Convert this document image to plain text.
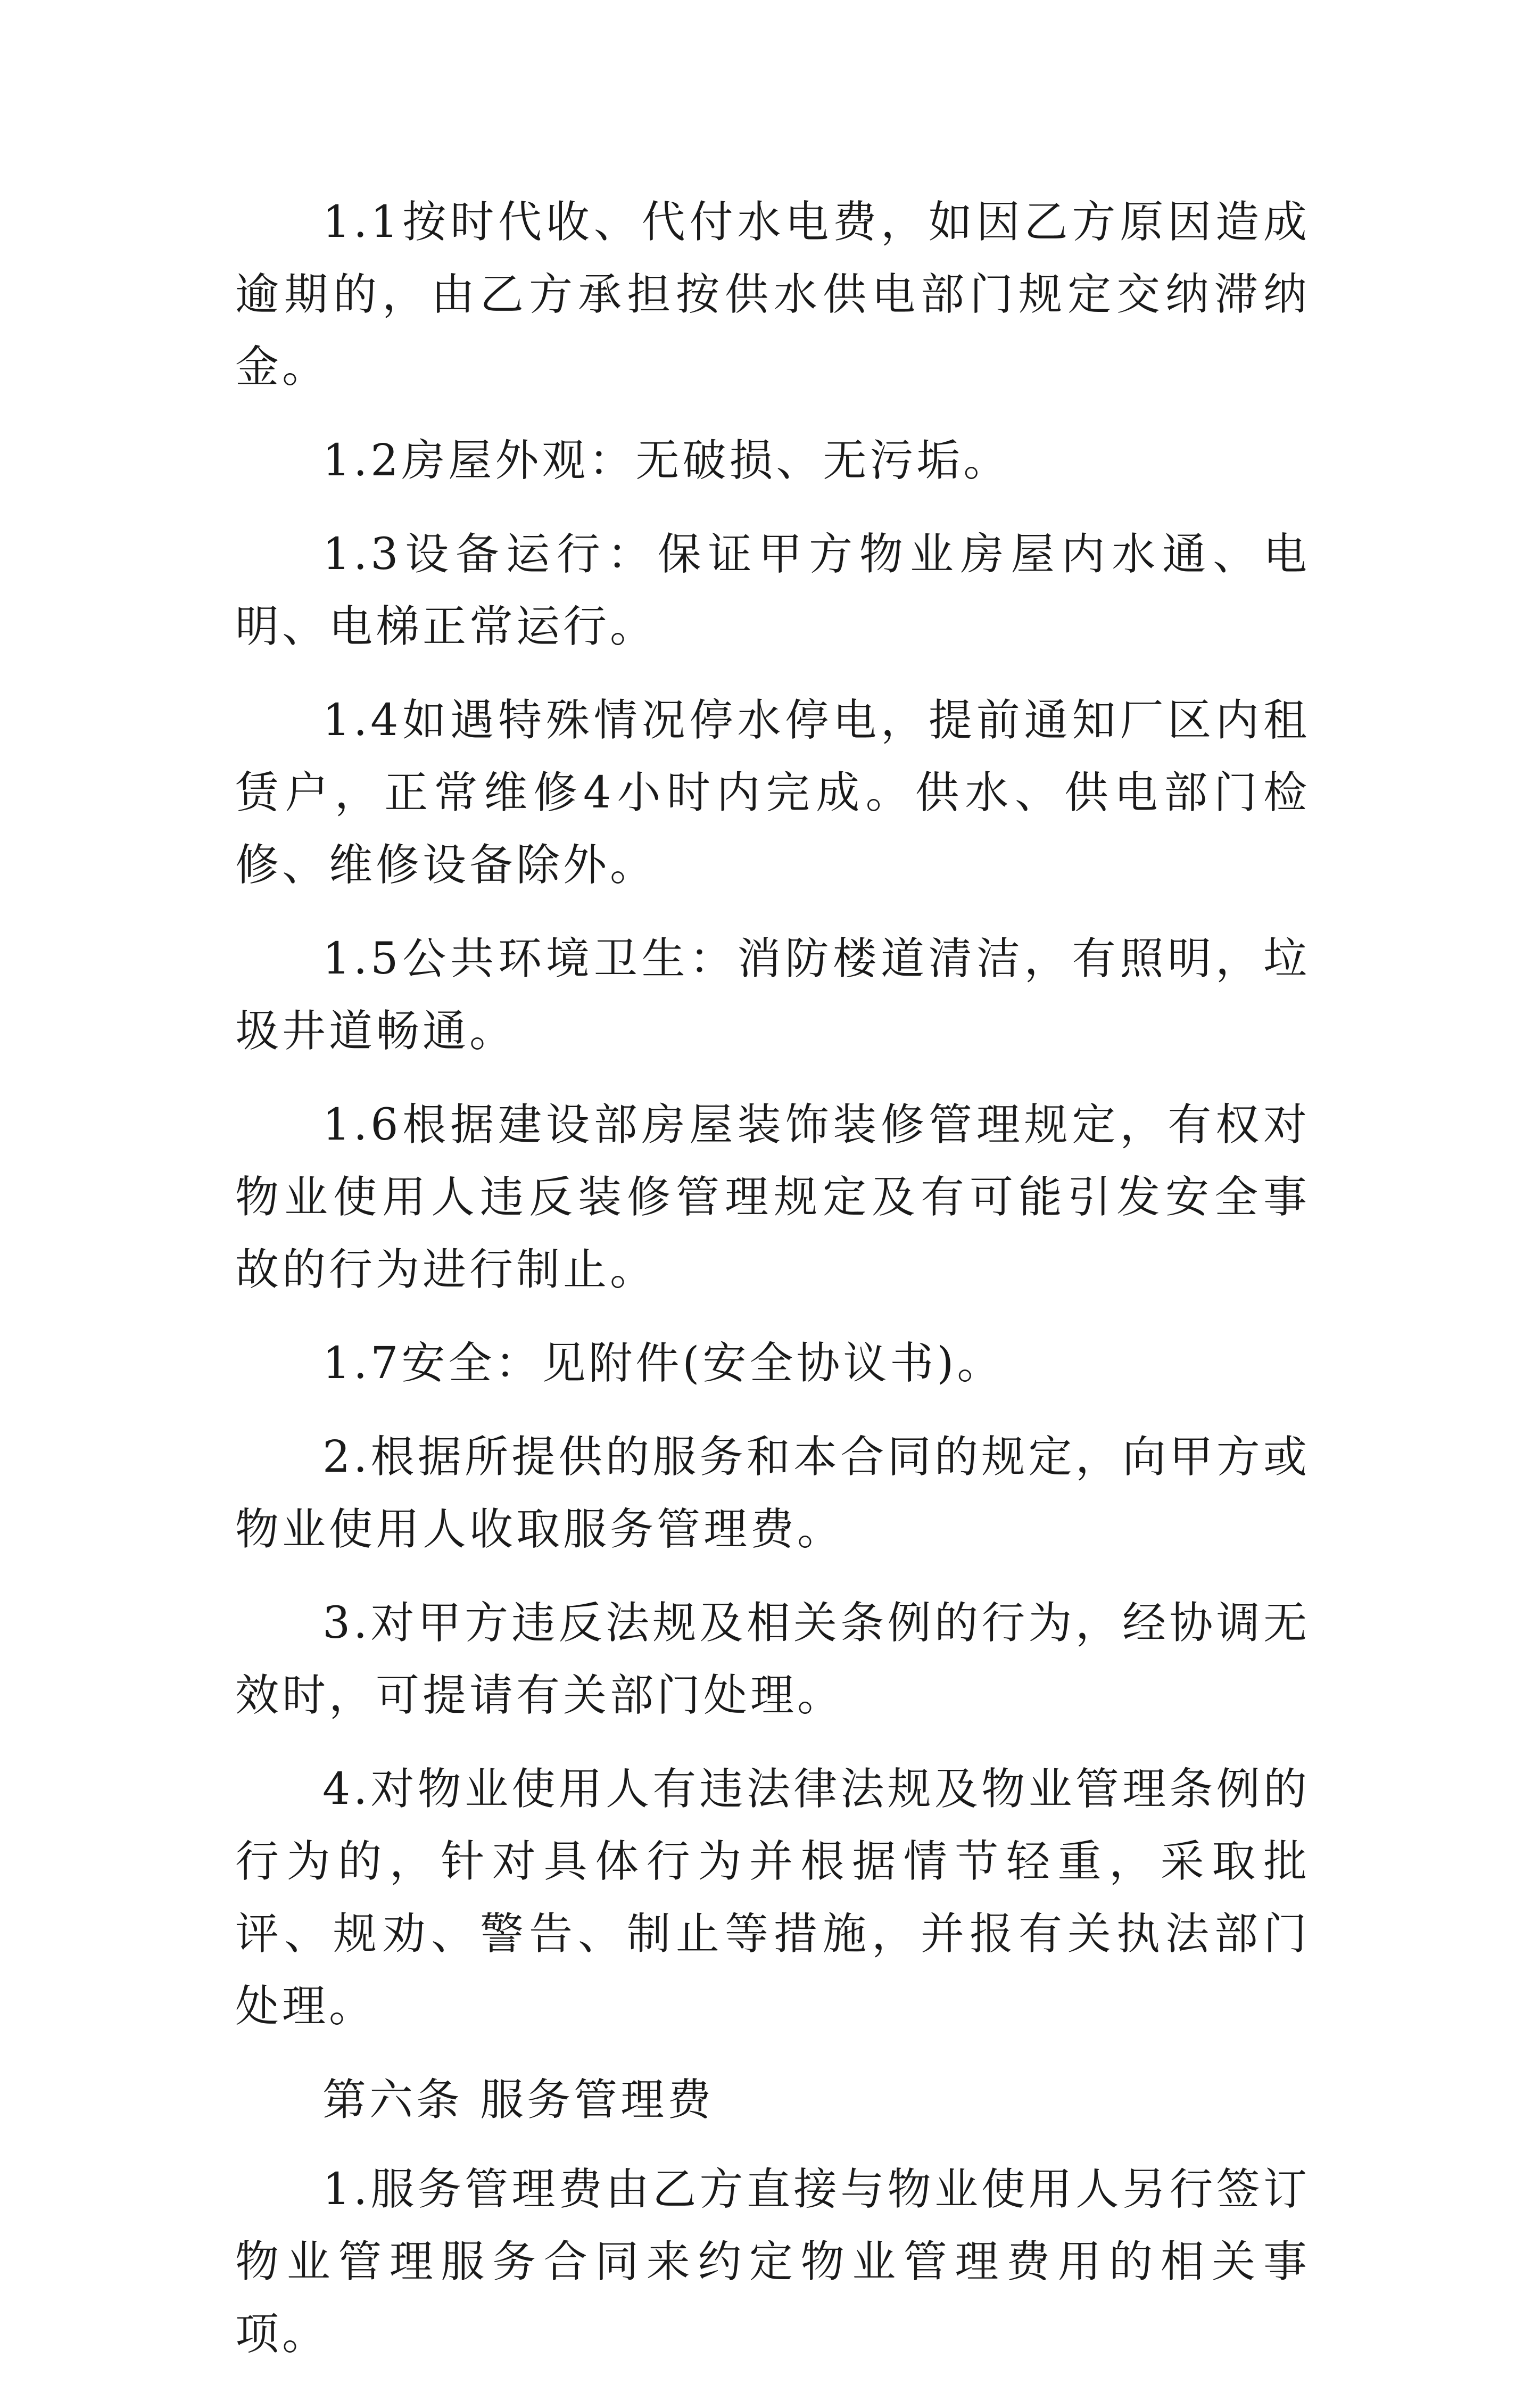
1.1按时代收、代付水电费，如因乙方原因造成逾期的，由乙方承担按供水供电部门规定交纳滞纳金。

1.2房屋外观：无破损、无污垢。

1.3设备运行：保证甲方物业房屋内水通、电明、电梯正常运行。

1.4如遇特殊情况停水停电，提前通知厂区内租赁户，正常维修4小时内完成。供水、供电部门检修、维修设备除外。

1.5公共环境卫生：消防楼道清洁，有照明，垃圾井道畅通。

1.6根据建设部房屋装饰装修管理规定，有权对物业使用人违反装修管理规定及有可能引发安全事故的行为进行制止。

1.7安全：见附件(安全协议书)。

2.根据所提供的服务和本合同的规定，向甲方或物业使用人收取服务管理费。

3.对甲方违反法规及相关条例的行为，经协调无效时，可提请有关部门处理。

4.对物业使用人有违法律法规及物业管理条例的行为的，针对具体行为并根据情节轻重，采取批评、规劝、警告、制止等措施，并报有关执法部门处理。

第六条 服务管理费

1.服务管理费由乙方直接与物业使用人另行签订物业管理服务合同来约定物业管理费用的相关事项。
